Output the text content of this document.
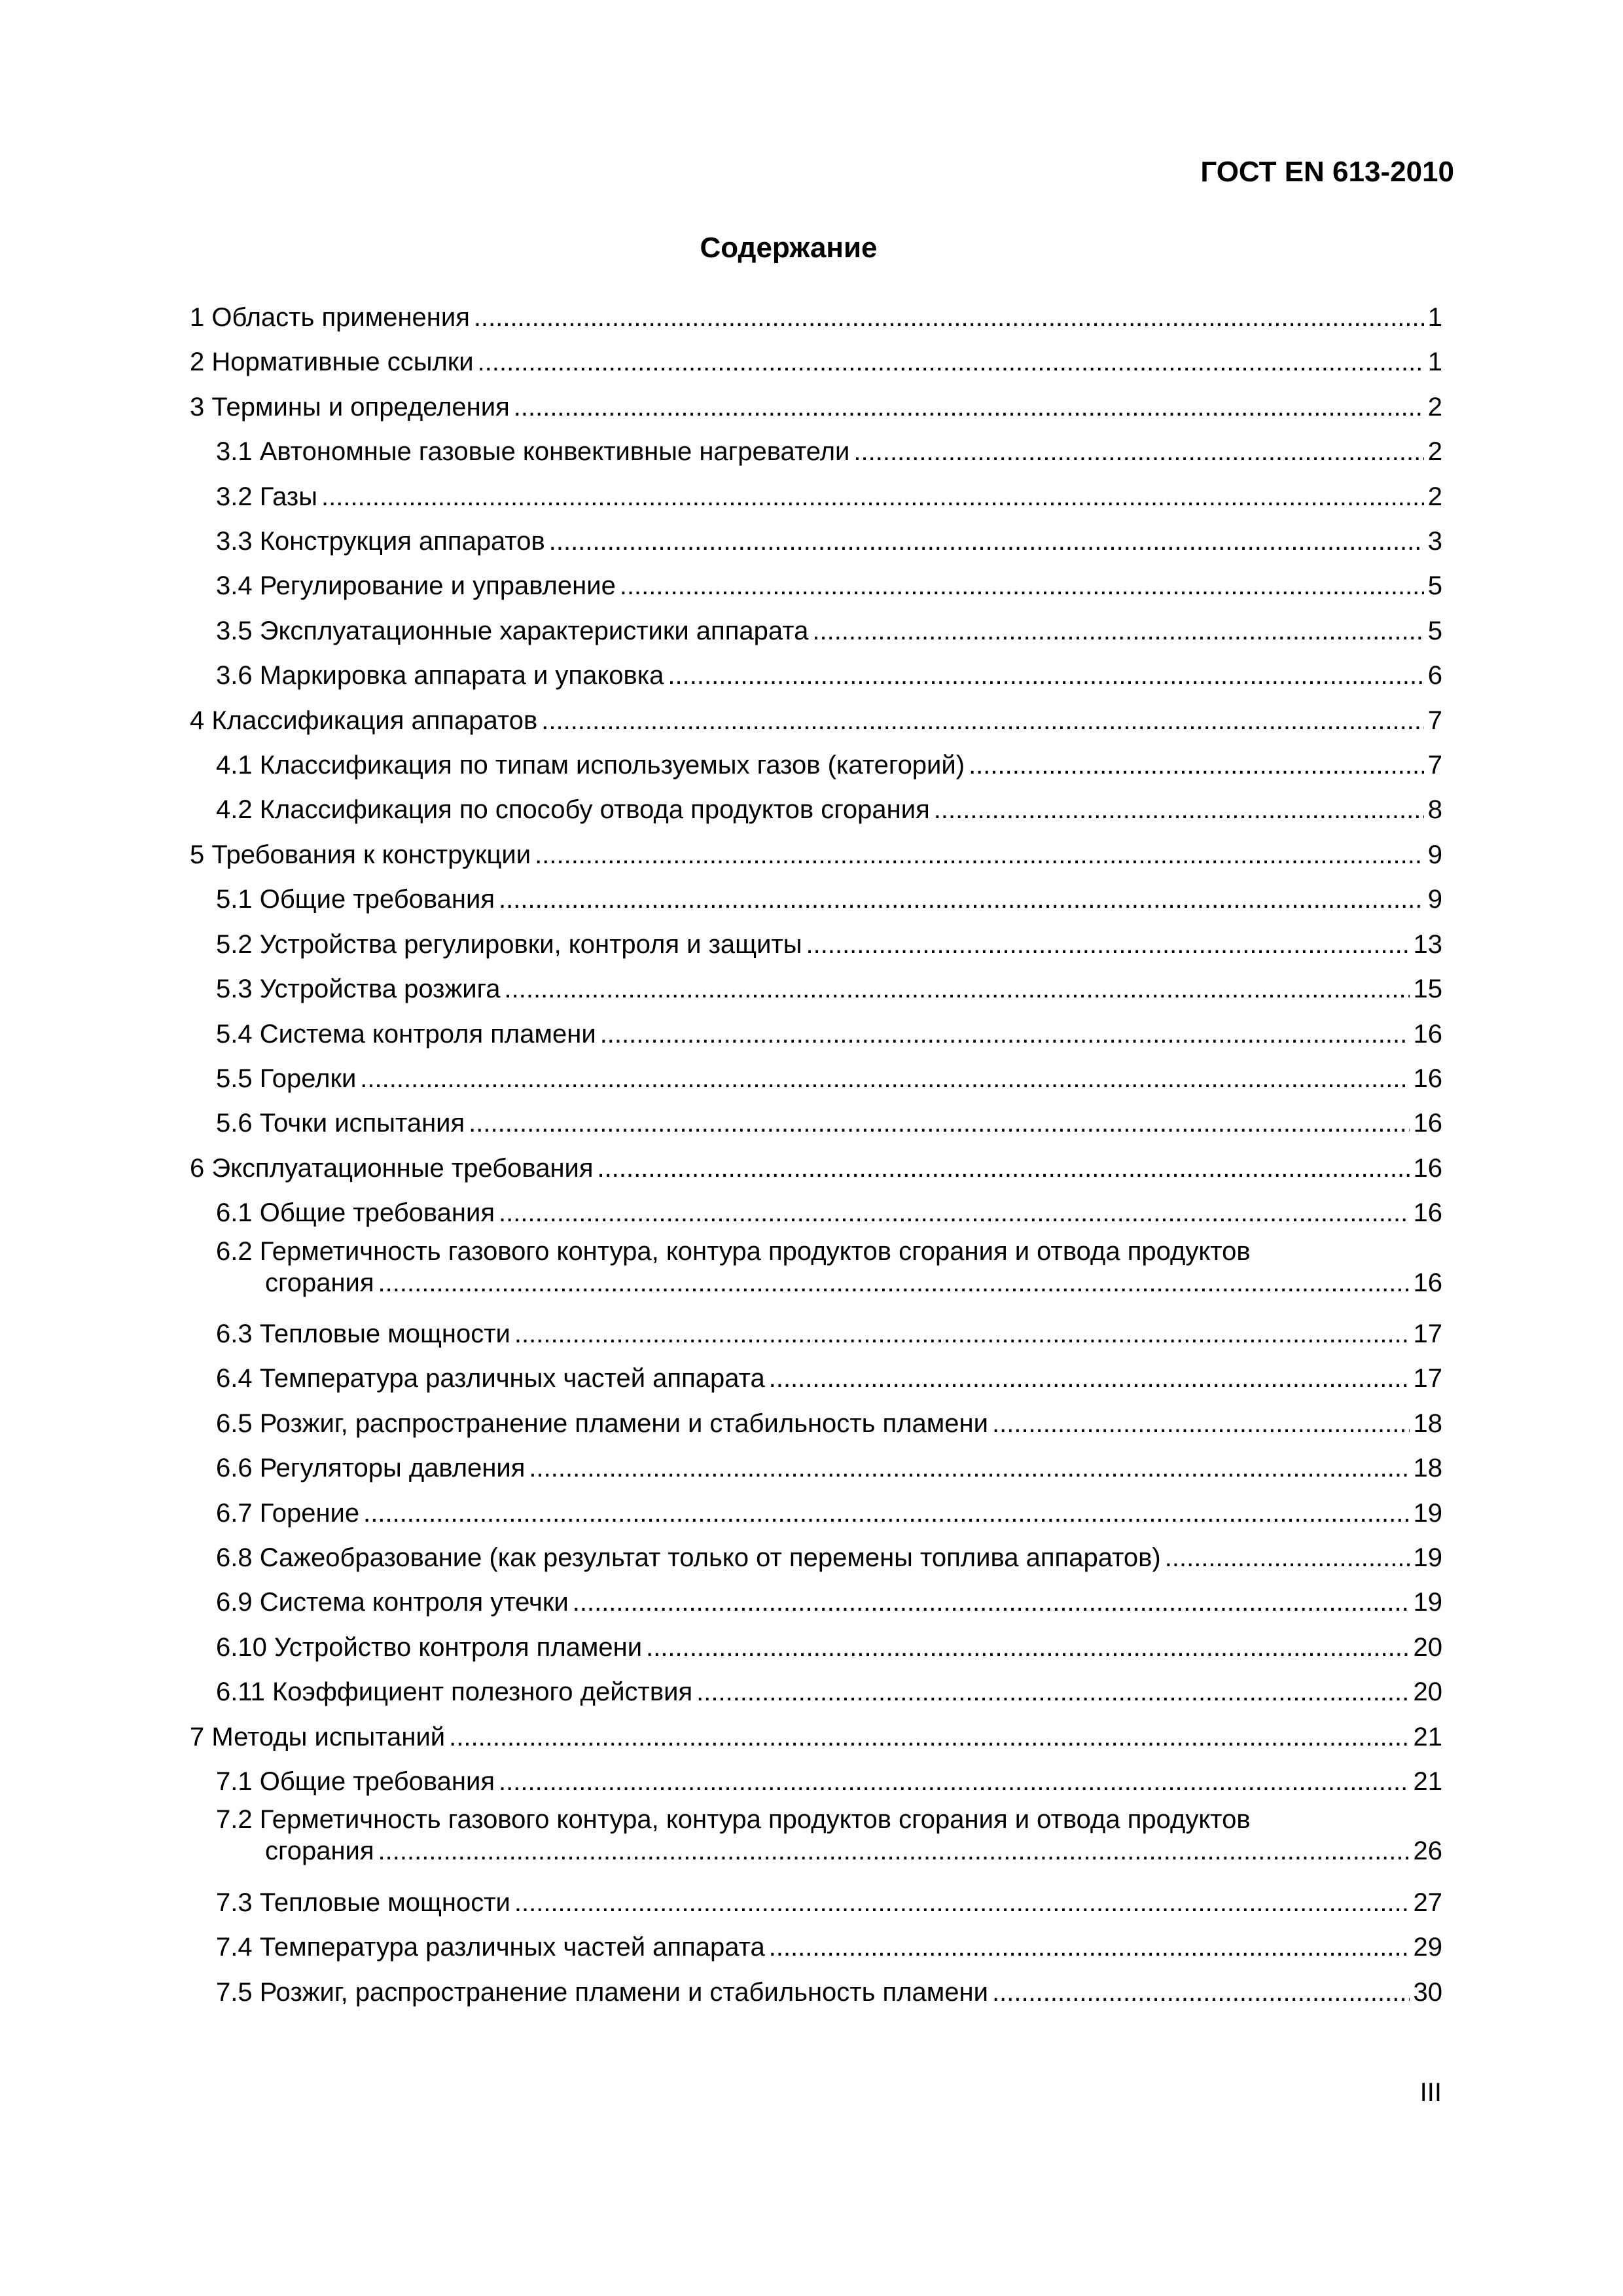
ГОСТ EN 613-2010

Содержание
1 Область применения .....	1
2 Нормативные ссылки .....	1
3 Термины и определения .....	2
3.1 Автономные газовые конвективные нагреватели .....	2
3.2 Газы .....	2
3.3 Конструкция аппаратов .....	3
3.4 Регулирование и управление .....	5
3.5 Эксплуатационные характеристики аппарата .....	5
3.6 Маркировка аппарата и упаковка .....	6
4 Классификация аппаратов .....	7
4.1 Классификация по типам используемых газов (категорий) .....	7
4.2 Классификация по способу отвода продуктов сгорания .....	8
5 Требования к конструкции .....	9
5.1 Общие требования .....	9
5.2 Устройства регулировки, контроля и защиты .....	13
5.3 Устройства розжига .....	15
5.4 Система контроля пламени .....	16
5.5 Горелки .....	16
5.6 Точки испытания .....	16
6 Эксплуатационные требования .....	16
6.1 Общие требования .....	16
6.2 Герметичность газового контура, контура продуктов сгорания и отвода продуктов
сгорания .....	16
6.3 Тепловые мощности .....	17
6.4 Температура различных частей аппарата .....	17
6.5 Розжиг, распространение пламени и стабильность пламени .....	18
6.6 Регуляторы давления .....	18
6.7 Горение .....	19
6.8 Сажеобразование (как результат только от перемены топлива аппаратов) .....	19
6.9 Система контроля утечки .....	19
6.10 Устройство контроля пламени .....	20
6.11 Коэффициент полезного действия .....	20
7 Методы испытаний .....	21
7.1 Общие требования .....	21
7.2 Герметичность газового контура, контура продуктов сгорания и отвода продуктов
сгорания .....	26
7.3 Тепловые мощности .....	27
7.4 Температура различных частей аппарата .....	29
7.5 Розжиг, распространение пламени и стабильность пламени .....	30

III
